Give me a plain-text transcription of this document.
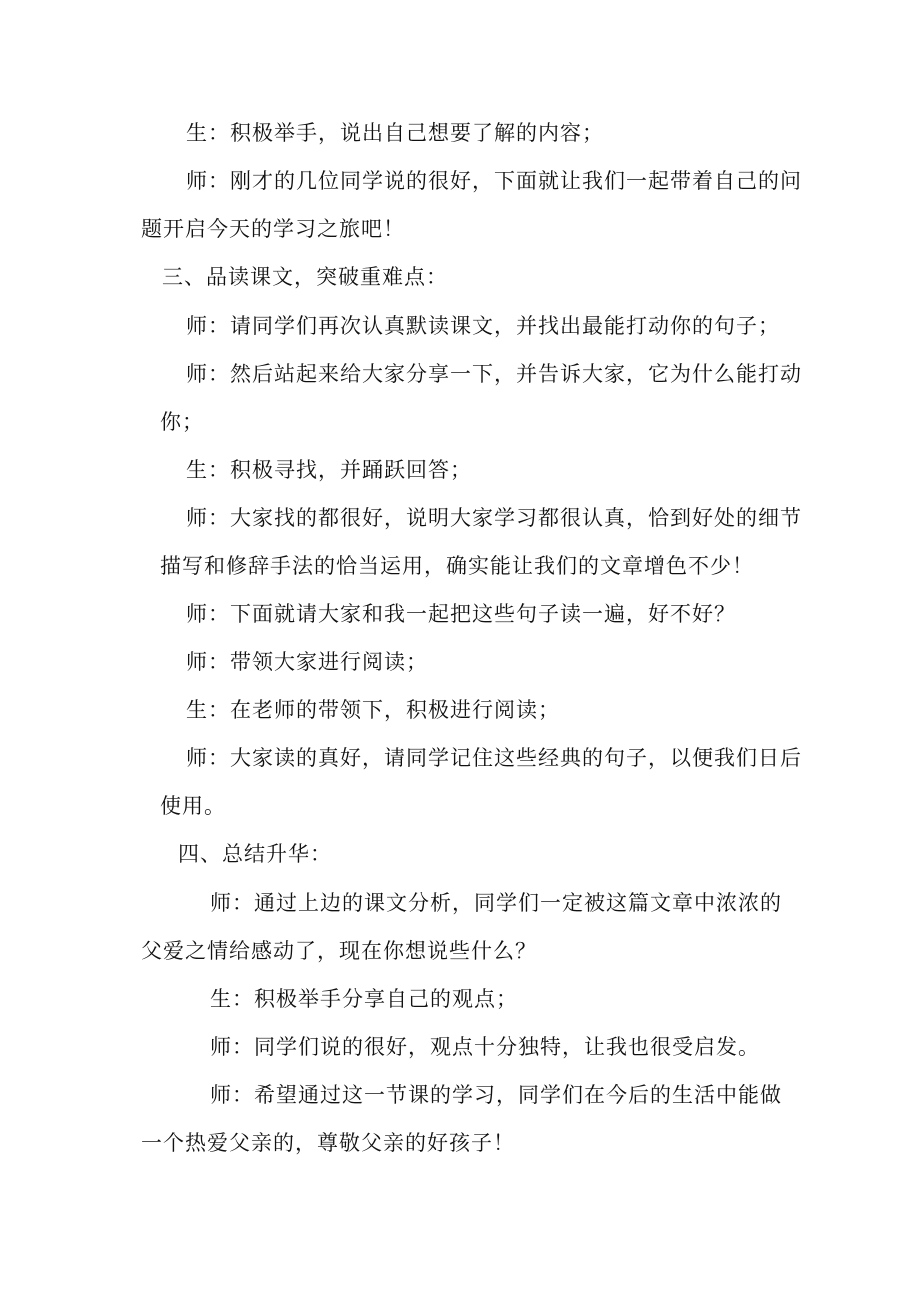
生：积极举手，说出自己想要了解的内容；
师：刚才的几位同学说的很好，下面就让我们一起带着自己的问
题开启今天的学习之旅吧！
三、品读课文，突破重难点：
师：请同学们再次认真默读课文，并找出最能打动你的句子；
师：然后站起来给大家分享一下，并告诉大家，它为什么能打动
你；
生：积极寻找，并踊跃回答；
师：大家找的都很好，说明大家学习都很认真，恰到好处的细节
描写和修辞手法的恰当运用，确实能让我们的文章增色不少！
师：下面就请大家和我一起把这些句子读一遍，好不好？
师：带领大家进行阅读；
生：在老师的带领下，积极进行阅读；
师：大家读的真好，请同学记住这些经典的句子，以便我们日后
使用。
四、总结升华：
师：通过上边的课文分析，同学们一定被这篇文章中浓浓的
父爱之情给感动了，现在你想说些什么？
生：积极举手分享自己的观点；
师：同学们说的很好，观点十分独特，让我也很受启发。
师：希望通过这一节课的学习，同学们在今后的生活中能做
一个热爱父亲的，尊敬父亲的好孩子！
